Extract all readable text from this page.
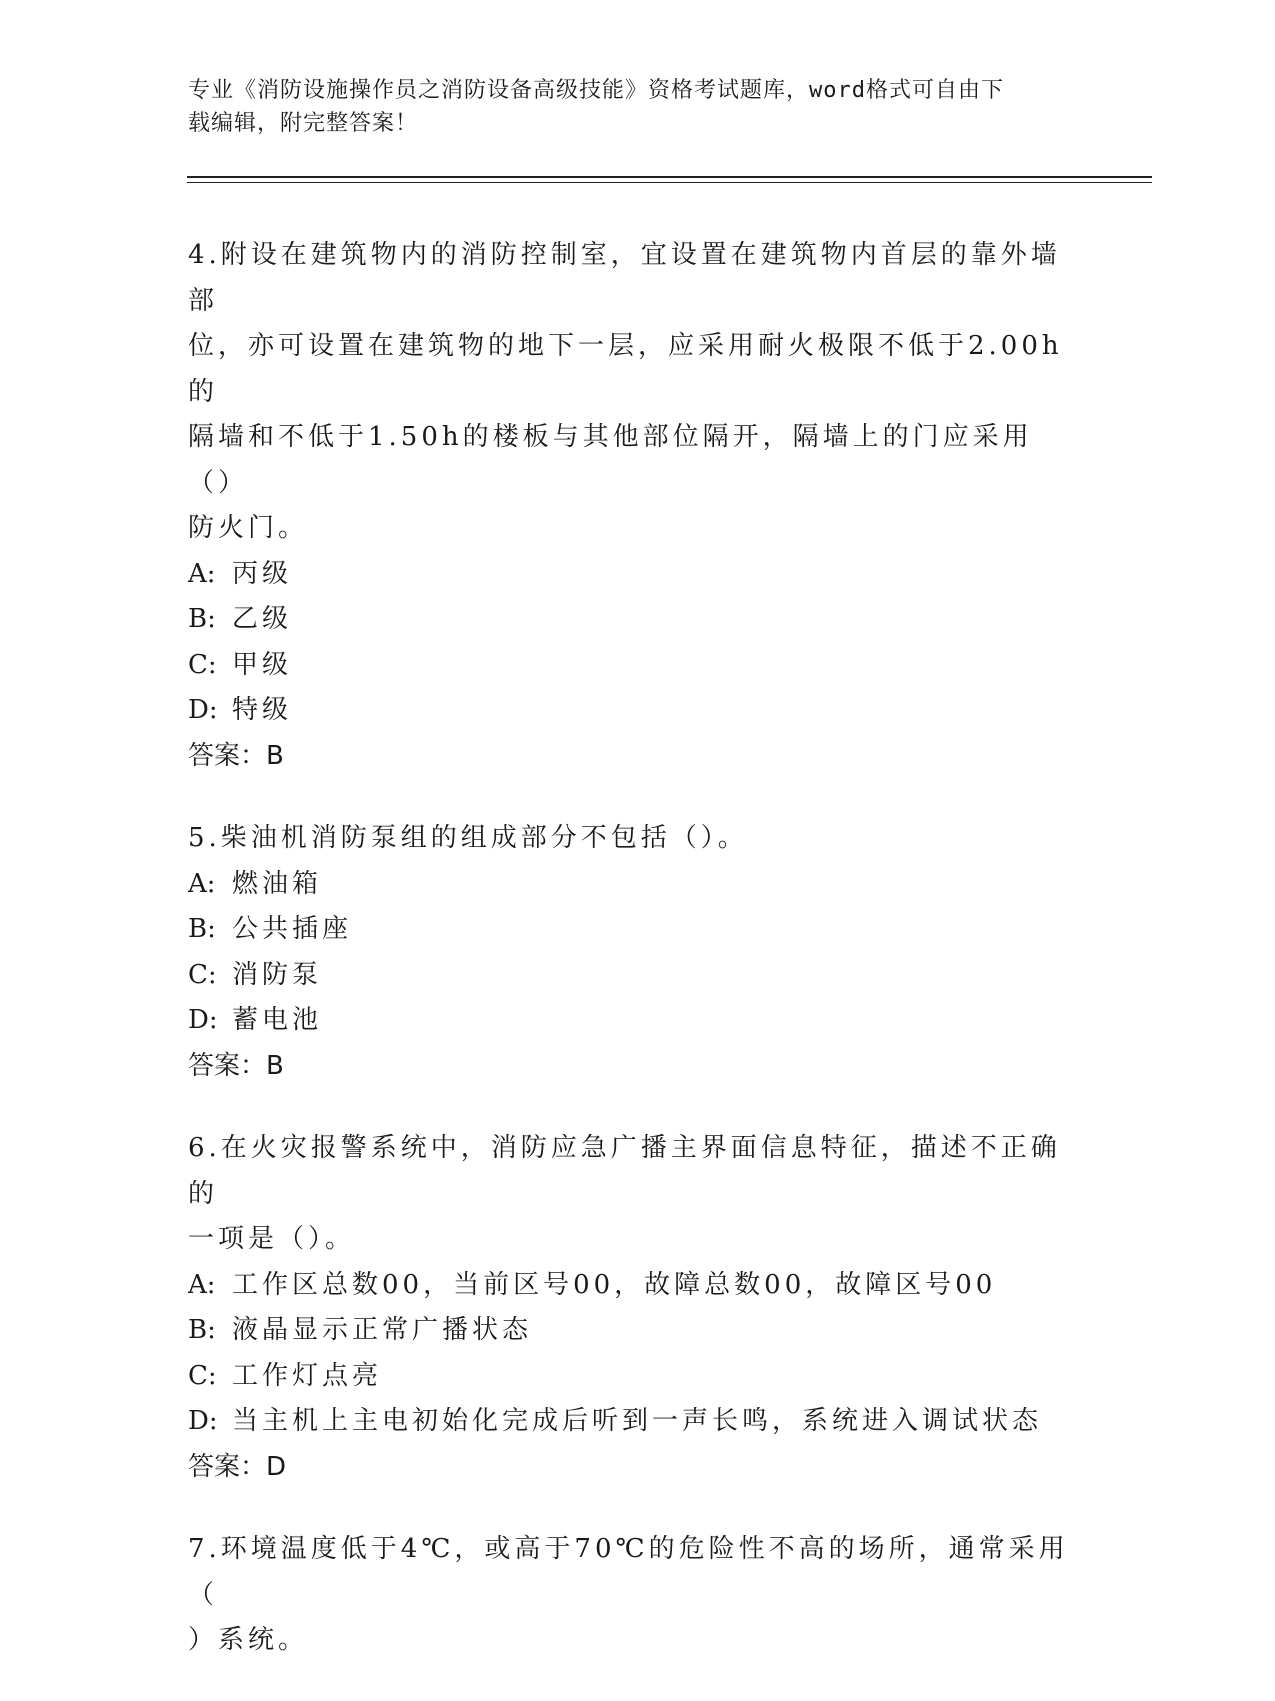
专业《消防设施操作员之消防设备高级技能》资格考试题库，word格式可自由下
载编辑，附完整答案！

4.附设在建筑物内的消防控制室，宜设置在建筑物内首层的靠外墙部

位，亦可设置在建筑物的地下一层，应采用耐火极限不低于2.00h的

隔墙和不低于1.50h的楼板与其他部位隔开，隔墙上的门应采用（）

防火门。

A: 丙级

B: 乙级

C: 甲级

D: 特级

答案：B

5.柴油机消防泵组的组成部分不包括（）。

A: 燃油箱

B: 公共插座

C: 消防泵

D: 蓄电池

答案：B

6.在火灾报警系统中，消防应急广播主界面信息特征，描述不正确的

一项是（）。

A: 工作区总数00，当前区号00，故障总数00，故障区号00

B: 液晶显示正常广播状态

C: 工作灯点亮

D: 当主机上主电初始化完成后听到一声长鸣，系统进入调试状态

答案：D

7.环境温度低于4℃，或高于70℃的危险性不高的场所，通常采用（

）系统。
